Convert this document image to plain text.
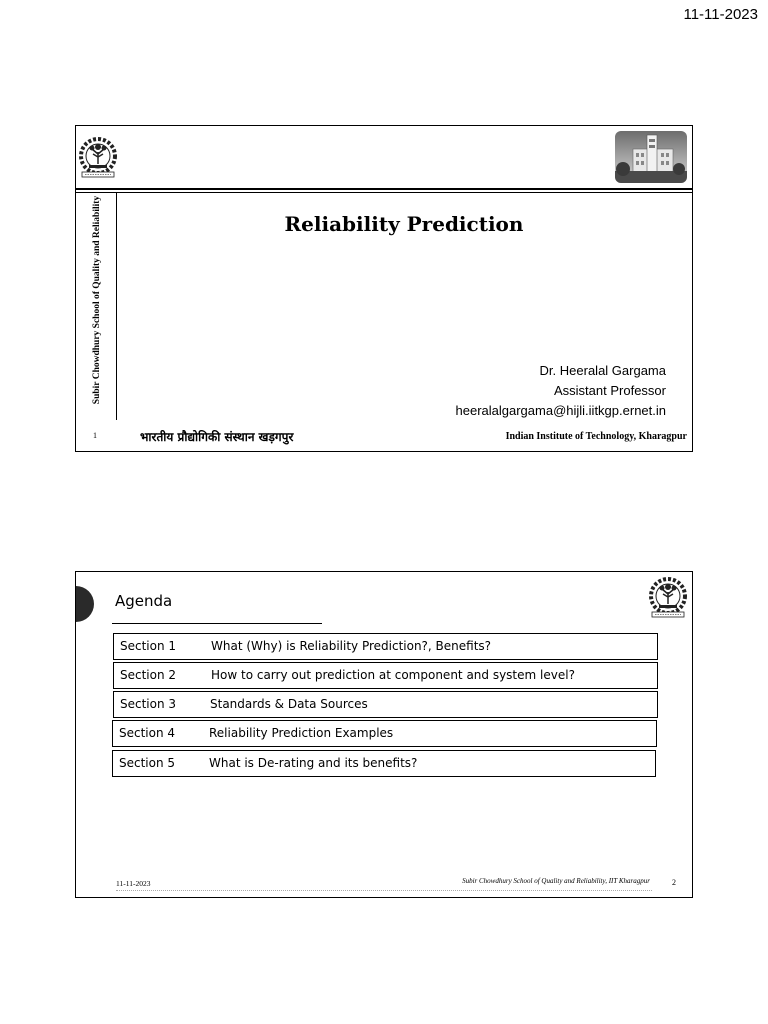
11-11-2023
Subir Chowdhury School of Quality and Reliability	Reliability Prediction
Dr. Heeralal Gargama
Assistant Professor
heeralalgargama@hijli.iitkgp.ernet.in
1	भारतीय प्रौद्योगिकी संस्थान खड़गपुर	Indian Institute of Technology, Kharagpur
Agenda
Section 1	What (Why) is Reliability Prediction?, Benefits?
Section 2	How to carry out prediction at component and system level?
Section 3	Standards & Data Sources
Section 4	Reliability Prediction Examples
Section 5	What is De-rating and its benefits?
11-11-2023	Subir Chowdhury School of Quality and Reliability, IIT Kharagpur	2
